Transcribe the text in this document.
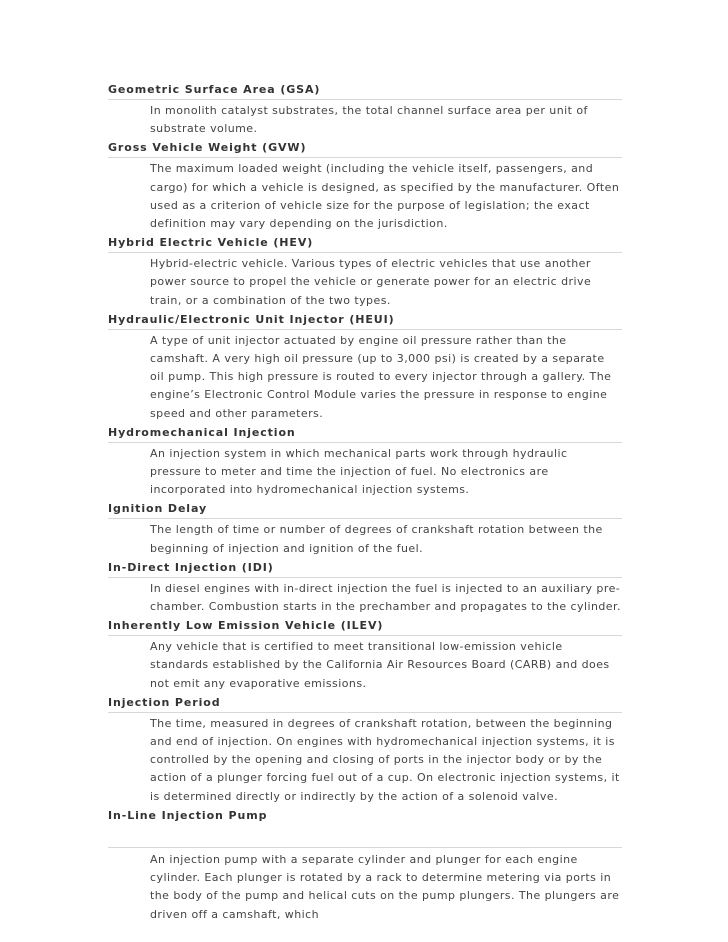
Geometric Surface Area (GSA)
In monolith catalyst substrates, the total channel surface area per unit of substrate volume.
Gross Vehicle Weight (GVW)
The maximum loaded weight (including the vehicle itself, passengers, and cargo) for which a vehicle is designed, as specified by the manufacturer. Often used as a criterion of vehicle size for the purpose of legislation; the exact definition may vary depending on the jurisdiction.
Hybrid Electric Vehicle (HEV)
Hybrid-electric vehicle. Various types of electric vehicles that use another power source to propel the vehicle or generate power for an electric drive train, or a combination of the two types.
Hydraulic/Electronic Unit Injector (HEUI)
A type of unit injector actuated by engine oil pressure rather than the camshaft. A very high oil pressure (up to 3,000 psi) is created by a separate oil pump. This high pressure is routed to every injector through a gallery. The engine’s Electronic Control Module varies the pressure in response to engine speed and other parameters.
Hydromechanical Injection
An injection system in which mechanical parts work through hydraulic pressure to meter and time the injection of fuel. No electronics are incorporated into hydromechanical injection systems.
Ignition Delay
The length of time or number of degrees of crankshaft rotation between the beginning of injection and ignition of the fuel.
In-Direct Injection (IDI)
In diesel engines with in-direct injection the fuel is injected to an auxiliary pre-chamber. Combustion starts in the prechamber and propagates to the cylinder.
Inherently Low Emission Vehicle (ILEV)
Any vehicle that is certified to meet transitional low-emission vehicle standards established by the California Air Resources Board (CARB) and does not emit any evaporative emissions.
Injection Period
The time, measured in degrees of crankshaft rotation, between the beginning and end of injection. On engines with hydromechanical injection systems, it is controlled by the opening and closing of ports in the injector body or by the action of a plunger forcing fuel out of a cup. On electronic injection systems, it is determined directly or indirectly by the action of a solenoid valve.
In-Line Injection Pump
An injection pump with a separate cylinder and plunger for each engine cylinder. Each plunger is rotated by a rack to determine metering via ports in the body of the pump and helical cuts on the pump plungers. The plungers are driven off a camshaft, which
